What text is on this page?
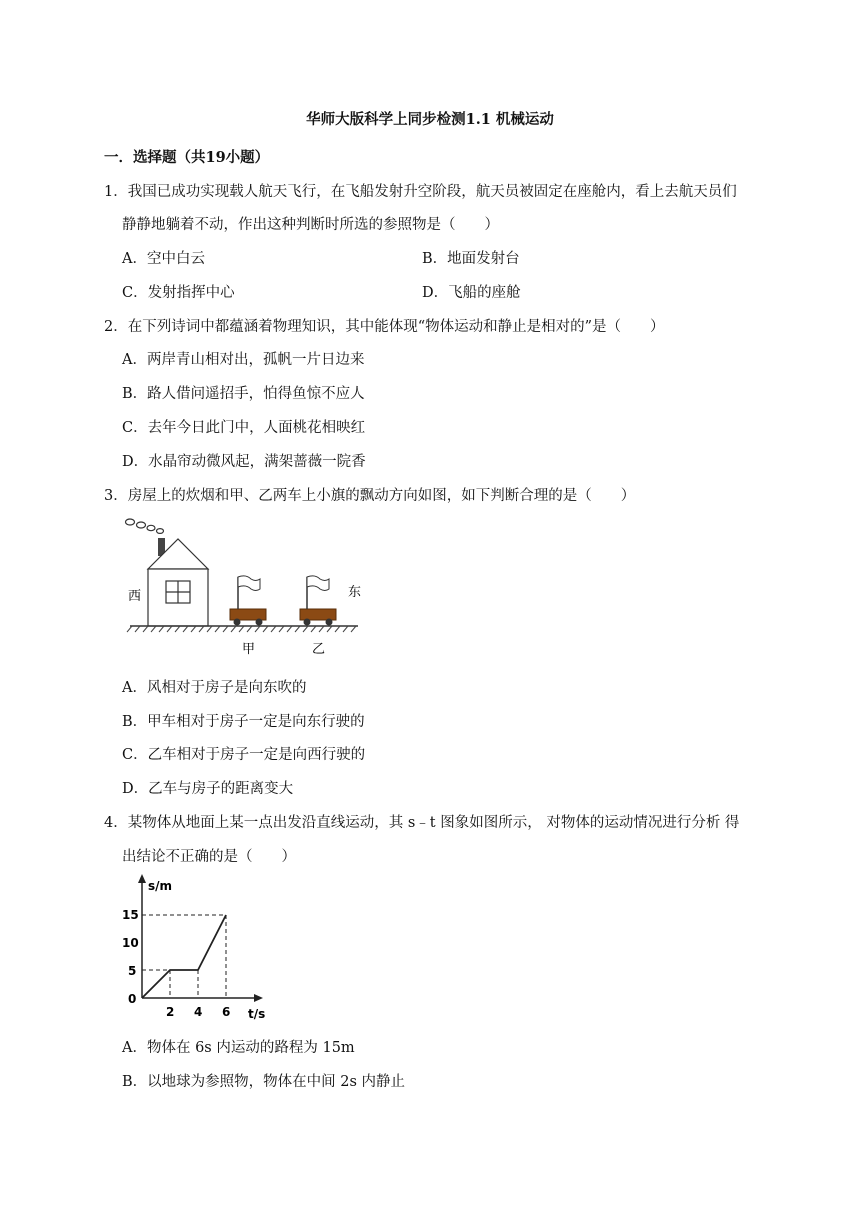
华师大版科学上同步检测1.1 机械运动
一．选择题（共19小题）
1．我国已成功实现载人航天飞行，在飞船发射升空阶段，航天员被固定在座舱内，看上去航天员们
静静地躺着不动，作出这种判断时所选的参照物是（　　）
A．空中白云	B．地面发射台
C．发射指挥中心	D．飞船的座舱
2．在下列诗词中都蕴涵着物理知识，其中能体现“物体运动和静止是相对的”是（　　）
A．两岸青山相对出，孤帆一片日边来
B．路人借问遥招手，怕得鱼惊不应人
C．去年今日此门中，人面桃花相映红
D．水晶帘动微风起，满架蔷薇一院香
3．房屋上的炊烟和甲、乙两车上小旗的飘动方向如图，如下判断合理的是（　　）
西	东
甲	乙
A．风相对于房子是向东吹的
B．甲车相对于房子一定是向东行驶的
C．乙车相对于房子一定是向西行驶的
D．乙车与房子的距离变大
4．某物体从地面上某一点出发沿直线运动，其 s﹣t 图象如图所示， 对物体的运动情况进行分析 得
出结论不正确的是（　　）
s/m
t/s
15
10
5
0
2 4 6
A．物体在 6s 内运动的路程为 15m
B．以地球为参照物，物体在中间 2s 内静止
